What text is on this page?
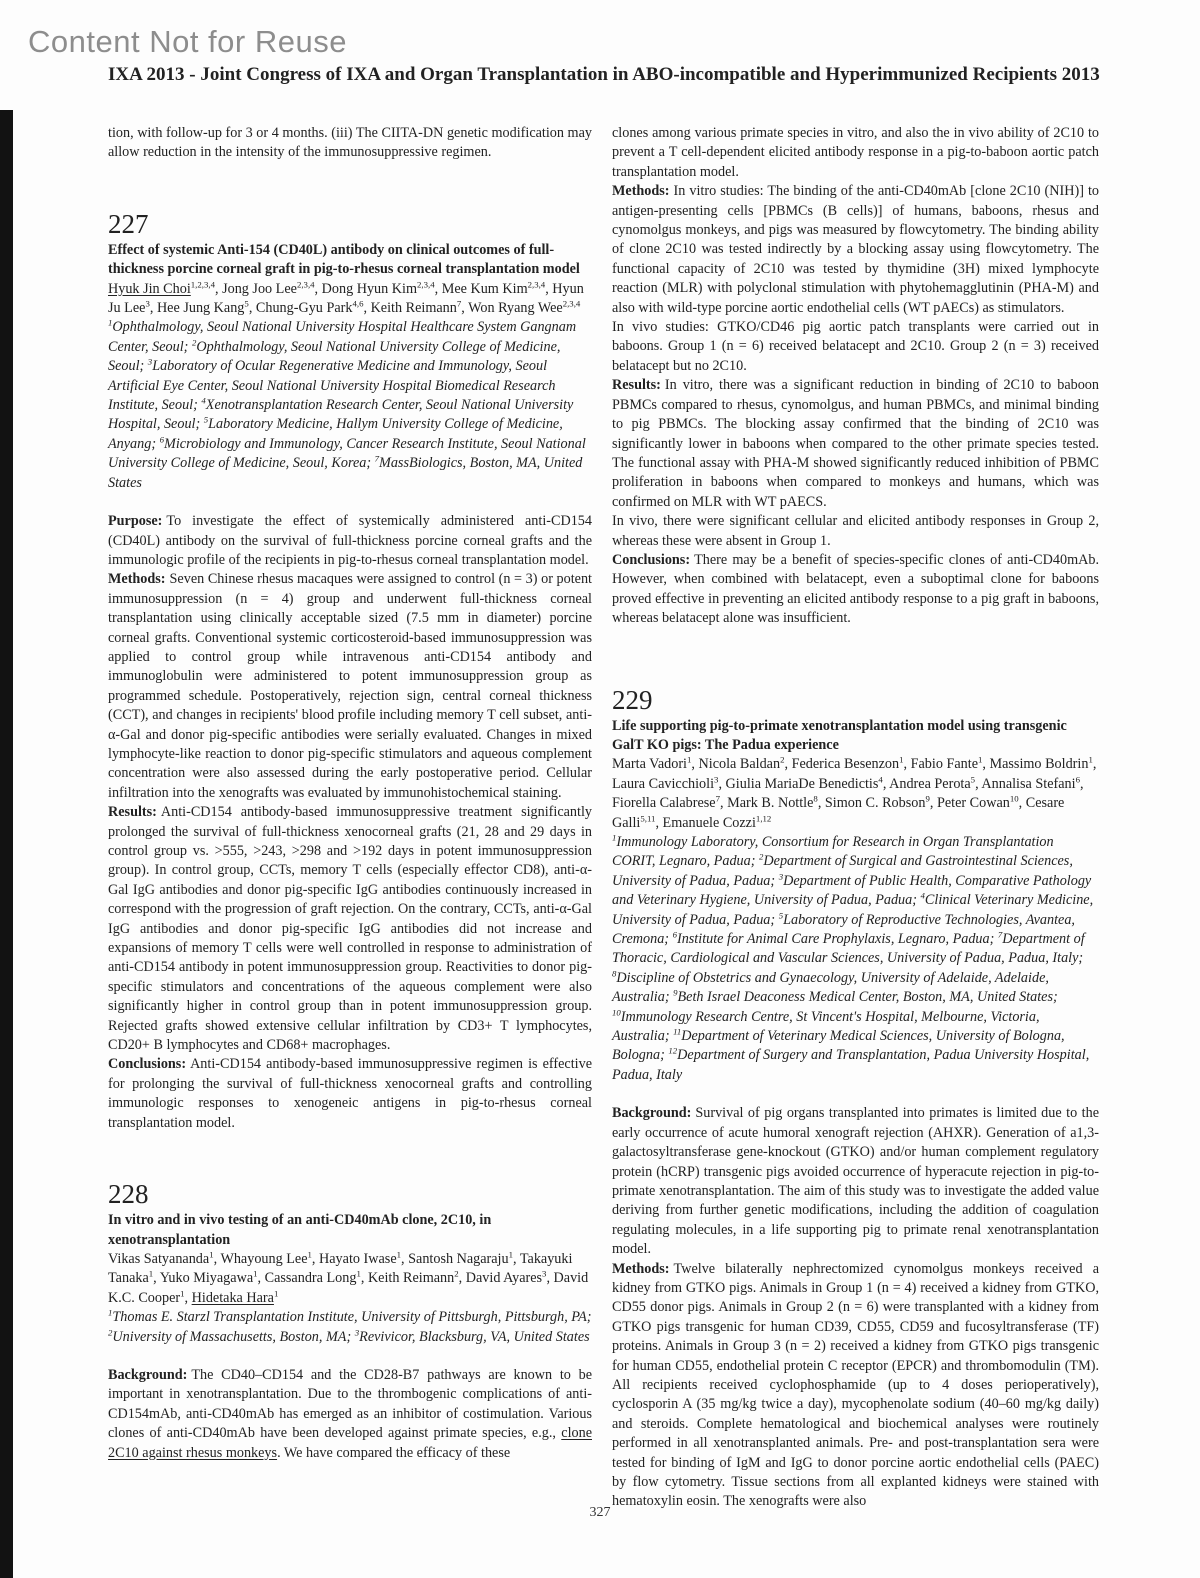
Content Not for Reuse
IXA 2013 - Joint Congress of IXA and Organ Transplantation in ABO-incompatible and Hyperimmunized Recipients 2013

tion, with follow-up for 3 or 4 months. (iii) The CIITA-DN genetic modification may allow reduction in the intensity of the immunosuppressive regimen.

227

Effect of systemic Anti-154 (CD40L) antibody on clinical outcomes of full-thickness porcine corneal graft in pig-to-rhesus corneal transplantation model

Hyuk Jin Choi$^{1,2,3,4}$, Jong Joo Lee$^{2,3,4}$, Dong Hyun Kim$^{2,3,4}$, Mee Kum Kim$^{2,3,4}$, Hyun Ju Lee$^3$, Hee Jung Kang$^5$, Chung-Gyu Park$^{4,6}$, Keith Reimann$^7$, Won Ryang Wee$^{2,3,4}$

$^1$Ophthalmology, Seoul National University Hospital Healthcare System Gangnam Center, Seoul; $^2$Ophthalmology, Seoul National University College of Medicine, Seoul; $^3$Laboratory of Ocular Regenerative Medicine and Immunology, Seoul Artificial Eye Center, Seoul National University Hospital Biomedical Research Institute, Seoul; $^4$Xenotransplantation Research Center, Seoul National University Hospital, Seoul; $^5$Laboratory Medicine, Hallym University College of Medicine, Anyang; $^6$Microbiology and Immunology, Cancer Research Institute, Seoul National University College of Medicine, Seoul, Korea; $^7$MassBiologics, Boston, MA, United States

Purpose: To investigate the effect of systemically administered anti-CD154 (CD40L) antibody on the survival of full-thickness porcine corneal grafts and the immunologic profile of the recipients in pig-to-rhesus corneal transplantation model.

Methods: Seven Chinese rhesus macaques were assigned to control (n = 3) or potent immunosuppression (n = 4) group and underwent full-thickness corneal transplantation using clinically acceptable sized (7.5 mm in diameter) porcine corneal grafts. Conventional systemic corticosteroid-based immunosuppression was applied to control group while intravenous anti-CD154 antibody and immunoglobulin were administered to potent immunosuppression group as programmed schedule. Postoperatively, rejection sign, central corneal thickness (CCT), and changes in recipients' blood profile including memory T cell subset, anti-α-Gal and donor pig-specific antibodies were serially evaluated. Changes in mixed lymphocyte-like reaction to donor pig-specific stimulators and aqueous complement concentration were also assessed during the early postoperative period. Cellular infiltration into the xenografts was evaluated by immunohistochemical staining.

Results: Anti-CD154 antibody-based immunosuppressive treatment significantly prolonged the survival of full-thickness xenocorneal grafts (21, 28 and 29 days in control group vs. >555, >243, >298 and >192 days in potent immunosuppression group). In control group, CCTs, memory T cells (especially effector CD8), anti-α-Gal IgG antibodies and donor pig-specific IgG antibodies continuously increased in correspond with the progression of graft rejection. On the contrary, CCTs, anti-α-Gal IgG antibodies and donor pig-specific IgG antibodies did not increase and expansions of memory T cells were well controlled in response to administration of anti-CD154 antibody in potent immunosuppression group. Reactivities to donor pig-specific stimulators and concentrations of the aqueous complement were also significantly higher in control group than in potent immunosuppression group. Rejected grafts showed extensive cellular infiltration by CD3+ T lymphocytes, CD20+ B lymphocytes and CD68+ macrophages.

Conclusions: Anti-CD154 antibody-based immunosuppressive regimen is effective for prolonging the survival of full-thickness xenocorneal grafts and controlling immunologic responses to xenogeneic antigens in pig-to-rhesus corneal transplantation model.

228

In vitro and in vivo testing of an anti-CD40mAb clone, 2C10, in xenotransplantation

Vikas Satyananda$^1$, Whayoung Lee$^1$, Hayato Iwase$^1$, Santosh Nagaraju$^1$, Takayuki Tanaka$^1$, Yuko Miyagawa$^1$, Cassandra Long$^1$, Keith Reimann$^2$, David Ayares$^3$, David K.C. Cooper$^1$, Hidetaka Hara$^1$

$^1$Thomas E. Starzl Transplantation Institute, University of Pittsburgh, Pittsburgh, PA; $^2$University of Massachusetts, Boston, MA; $^3$Revivicor, Blacksburg, VA, United States

Background: The CD40–CD154 and the CD28-B7 pathways are known to be important in xenotransplantation. Due to the thrombogenic complications of anti-CD154mAb, anti-CD40mAb has emerged as an inhibitor of costimulation. Various clones of anti-CD40mAb have been developed against primate species, e.g., clone 2C10 against rhesus monkeys. We have compared the efficacy of these

clones among various primate species in vitro, and also the in vivo ability of 2C10 to prevent a T cell-dependent elicited antibody response in a pig-to-baboon aortic patch transplantation model.

Methods: In vitro studies: The binding of the anti-CD40mAb [clone 2C10 (NIH)] to antigen-presenting cells [PBMCs (B cells)] of humans, baboons, rhesus and cynomolgus monkeys, and pigs was measured by flowcytometry. The binding ability of clone 2C10 was tested indirectly by a blocking assay using flowcytometry. The functional capacity of 2C10 was tested by thymidine (3H) mixed lymphocyte reaction (MLR) with polyclonal stimulation with phytohemagglutinin (PHA-M) and also with wild-type porcine aortic endothelial cells (WT pAECs) as stimulators.

In vivo studies: GTKO/CD46 pig aortic patch transplants were carried out in baboons. Group 1 (n = 6) received belatacept and 2C10. Group 2 (n = 3) received belatacept but no 2C10.

Results: In vitro, there was a significant reduction in binding of 2C10 to baboon PBMCs compared to rhesus, cynomolgus, and human PBMCs, and minimal binding to pig PBMCs. The blocking assay confirmed that the binding of 2C10 was significantly lower in baboons when compared to the other primate species tested. The functional assay with PHA-M showed significantly reduced inhibition of PBMC proliferation in baboons when compared to monkeys and humans, which was confirmed on MLR with WT pAECS.

In vivo, there were significant cellular and elicited antibody responses in Group 2, whereas these were absent in Group 1.

Conclusions: There may be a benefit of species-specific clones of anti-CD40mAb. However, when combined with belatacept, even a suboptimal clone for baboons proved effective in preventing an elicited antibody response to a pig graft in baboons, whereas belatacept alone was insufficient.

229

Life supporting pig-to-primate xenotransplantation model using transgenic GalT KO pigs: The Padua experience

Marta Vadori$^1$, Nicola Baldan$^2$, Federica Besenzon$^1$, Fabio Fante$^1$, Massimo Boldrin$^1$, Laura Cavicchioli$^3$, Giulia MariaDe Benedictis$^4$, Andrea Perota$^5$, Annalisa Stefani$^6$, Fiorella Calabrese$^7$, Mark B. Nottle$^8$, Simon C. Robson$^9$, Peter Cowan$^{10}$, Cesare Galli$^{5,11}$, Emanuele Cozzi$^{1,12}$

$^1$Immunology Laboratory, Consortium for Research in Organ Transplantation CORIT, Legnaro, Padua; $^2$Department of Surgical and Gastrointestinal Sciences, University of Padua, Padua; $^3$Department of Public Health, Comparative Pathology and Veterinary Hygiene, University of Padua, Padua; $^4$Clinical Veterinary Medicine, University of Padua, Padua; $^5$Laboratory of Reproductive Technologies, Avantea, Cremona; $^6$Institute for Animal Care Prophylaxis, Legnaro, Padua; $^7$Department of Thoracic, Cardiological and Vascular Sciences, University of Padua, Padua, Italy; $^8$Discipline of Obstetrics and Gynaecology, University of Adelaide, Adelaide, Australia; $^9$Beth Israel Deaconess Medical Center, Boston, MA, United States; $^{10}$Immunology Research Centre, St Vincent's Hospital, Melbourne, Victoria, Australia; $^{11}$Department of Veterinary Medical Sciences, University of Bologna, Bologna; $^{12}$Department of Surgery and Transplantation, Padua University Hospital, Padua, Italy

Background: Survival of pig organs transplanted into primates is limited due to the early occurrence of acute humoral xenograft rejection (AHXR). Generation of a1,3-galactosyltransferase gene-knockout (GTKO) and/or human complement regulatory protein (hCRP) transgenic pigs avoided occurrence of hyperacute rejection in pig-to-primate xenotransplantation. The aim of this study was to investigate the added value deriving from further genetic modifications, including the addition of coagulation regulating molecules, in a life supporting pig to primate renal xenotransplantation model.

Methods: Twelve bilaterally nephrectomized cynomolgus monkeys received a kidney from GTKO pigs. Animals in Group 1 (n = 4) received a kidney from GTKO, CD55 donor pigs. Animals in Group 2 (n = 6) were transplanted with a kidney from GTKO pigs transgenic for human CD39, CD55, CD59 and fucosyltransferase (TF) proteins. Animals in Group 3 (n = 2) received a kidney from GTKO pigs transgenic for human CD55, endothelial protein C receptor (EPCR) and thrombomodulin (TM). All recipients received cyclophosphamide (up to 4 doses perioperatively), cyclosporin A (35 mg/kg twice a day), mycophenolate sodium (40–60 mg/kg daily) and steroids. Complete hematological and biochemical analyses were routinely performed in all xenotransplanted animals. Pre- and post-transplantation sera were tested for binding of IgM and IgG to donor porcine aortic endothelial cells (PAEC) by flow cytometry. Tissue sections from all explanted kidneys were stained with hematoxylin eosin. The xenografts were also

327
